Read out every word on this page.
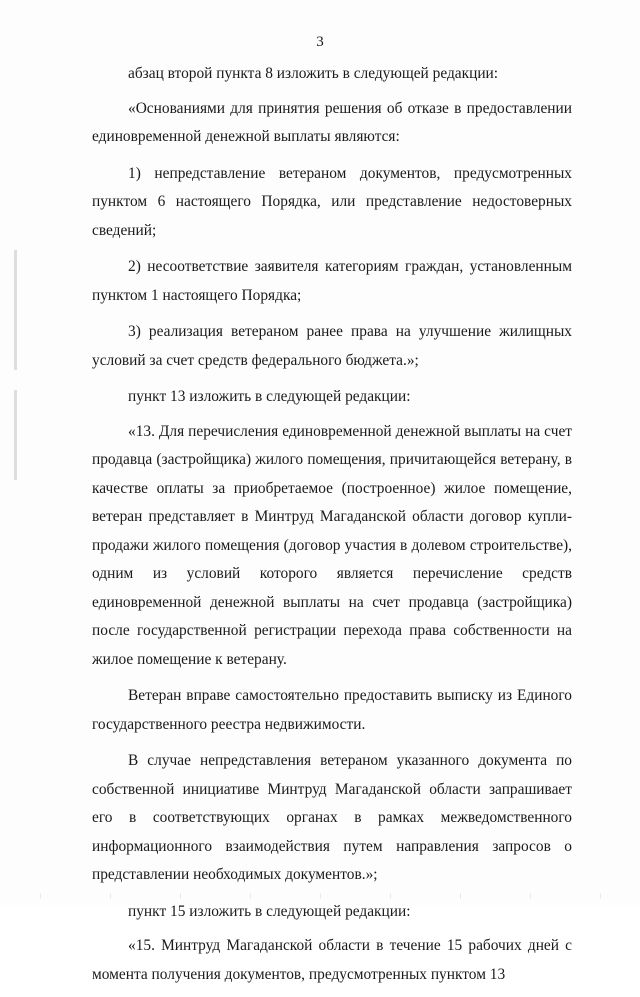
3

абзац второй пункта 8 изложить в следующей редакции:

«Основаниями для принятия решения об отказе в предоставлении единовременной денежной выплаты являются:

1) непредставление ветераном документов, предусмотренных пунктом 6 настоящего Порядка, или представление недостоверных сведений;

2) несоответствие заявителя категориям граждан, установленным пунктом 1 настоящего Порядка;

3) реализация ветераном ранее права на улучшение жилищных условий за счет средств федерального бюджета.»;

пункт 13 изложить в следующей редакции:

«13. Для перечисления единовременной денежной выплаты на счет продавца (застройщика) жилого помещения, причитающейся ветерану, в качестве оплаты за приобретаемое (построенное) жилое помещение, ветеран представляет в Минтруд Магаданской области договор купли-продажи жилого помещения (договор участия в долевом строительстве), одним из условий которого является перечисление средств единовременной денежной выплаты на счет продавца (застройщика) после государственной регистрации перехода права собственности на жилое помещение к ветерану.

Ветеран вправе самостоятельно предоставить выписку из Единого государственного реестра недвижимости.

В случае непредставления ветераном указанного документа по собственной инициативе Минтруд Магаданской области запрашивает его в соответствующих органах в рамках межведомственного информационного взаимодействия путем направления запросов о представлении необходимых документов.»;

пункт 15 изложить в следующей редакции:

«15. Минтруд Магаданской области в течение 15 рабочих дней с момента получения документов, предусмотренных пунктом 13
